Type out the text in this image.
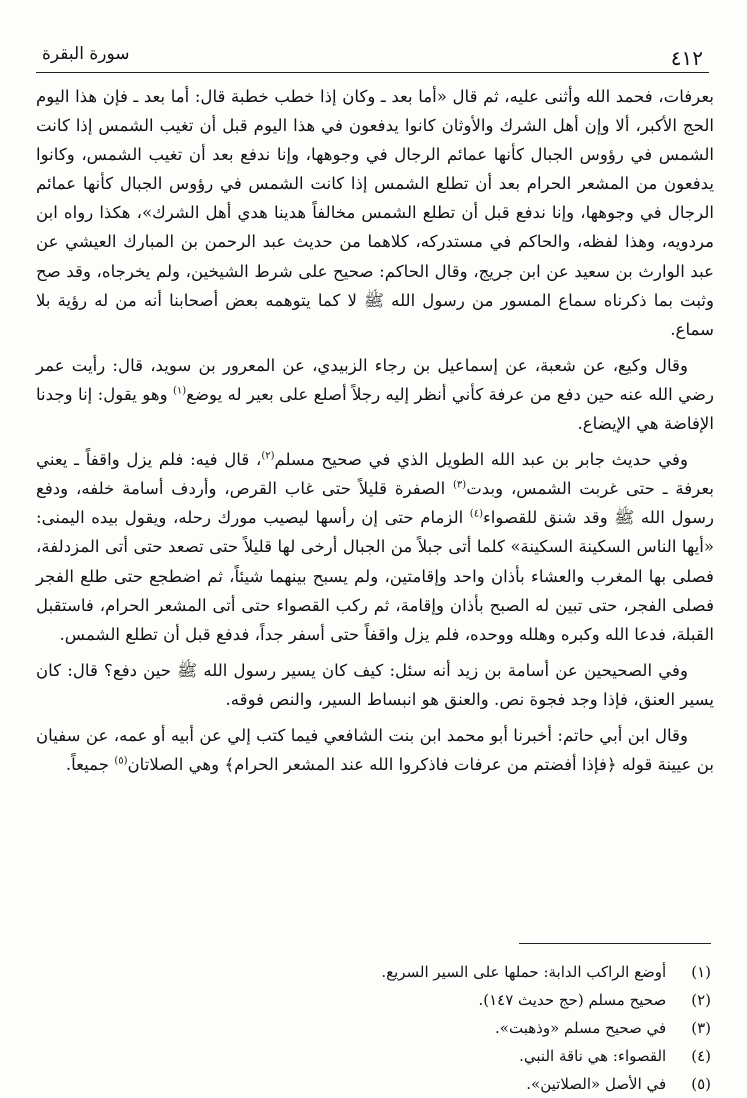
٤١٢
سورة البقرة

بعرفات، فحمد الله وأثنى عليه، ثم قال «أما بعد ـ وكان إذا خطب خطبة قال: أما بعد ـ فإن هذا اليوم الحج الأكبر، ألا وإن أهل الشرك والأوثان كانوا يدفعون في هذا اليوم قبل أن تغيب الشمس إذا كانت الشمس في رؤوس الجبال كأنها عمائم الرجال في وجوهها، وإنا ندفع بعد أن تغيب الشمس، وكانوا يدفعون من المشعر الحرام بعد أن تطلع الشمس إذا كانت الشمس في رؤوس الجبال كأنها عمائم الرجال في وجوهها، وإنا ندفع قبل أن تطلع الشمس مخالفاً هدينا هدي أهل الشرك»، هكذا رواه ابن مردويه، وهذا لفظه، والحاكم في مستدركه، كلاهما من حديث عبد الرحمن بن المبارك العيشي عن عبد الوارث بن سعيد عن ابن جريج، وقال الحاكم: صحيح على شرط الشيخين، ولم يخرجاه، وقد صح وثبت بما ذكرناه سماع المسور من رسول الله ﷺ لا كما يتوهمه بعض أصحابنا أنه من له رؤية بلا سماع.

وقال وكيع، عن شعبة، عن إسماعيل بن رجاء الزبيدي، عن المعرور بن سويد، قال: رأيت عمر رضي الله عنه حين دفع من عرفة كأني أنظر إليه رجلاً أصلع على بعير له يوضع$^{(١)}$ وهو يقول: إنا وجدنا الإفاضة هي الإيضاع.

وفي حديث جابر بن عبد الله الطويل الذي في صحيح مسلم$^{(٢)}$، قال فيه: فلم يزل واقفاً ـ يعني بعرفة ـ حتى غربت الشمس، وبدت$^{(٣)}$ الصفرة قليلاً حتى غاب القرص، وأردف أسامة خلفه، ودفع رسول الله ﷺ وقد شنق للقصواء$^{(٤)}$ الزمام حتى إن رأسها ليصيب مورك رحله، ويقول بيده اليمنى: «أيها الناس السكينة السكينة» كلما أتى جبلاً من الجبال أرخى لها قليلاً حتى تصعد حتى أتى المزدلفة، فصلى بها المغرب والعشاء بأذان واحد وإقامتين، ولم يسبح بينهما شيئاً، ثم اضطجع حتى طلع الفجر فصلى الفجر، حتى تبين له الصبح بأذان وإقامة، ثم ركب القصواء حتى أتى المشعر الحرام، فاستقبل القبلة، فدعا الله وكبره وهلله ووحده، فلم يزل واقفاً حتى أسفر جداً، فدفع قبل أن تطلع الشمس.

وفي الصحيحين عن أسامة بن زيد أنه سئل: كيف كان يسير رسول الله ﷺ حين دفع؟ قال: كان يسير العنق، فإذا وجد فجوة نص. والعنق هو انبساط السير، والنص فوقه.

وقال ابن أبي حاتم: أخبرنا أبو محمد ابن بنت الشافعي فيما كتب إلي عن أبيه أو عمه، عن سفيان بن عيينة قوله ﴿فإذا أفضتم من عرفات فاذكروا الله عند المشعر الحرام﴾ وهي الصلاتان$^{(٥)}$ جميعاً.

(١) أوضع الراكب الدابة: حملها على السير السريع.
(٢) صحيح مسلم (حج حديث ١٤٧).
(٣) في صحيح مسلم «وذهبت».
(٤) القصواء: هي ناقة النبي.
(٥) في الأصل «الصلاتين».
